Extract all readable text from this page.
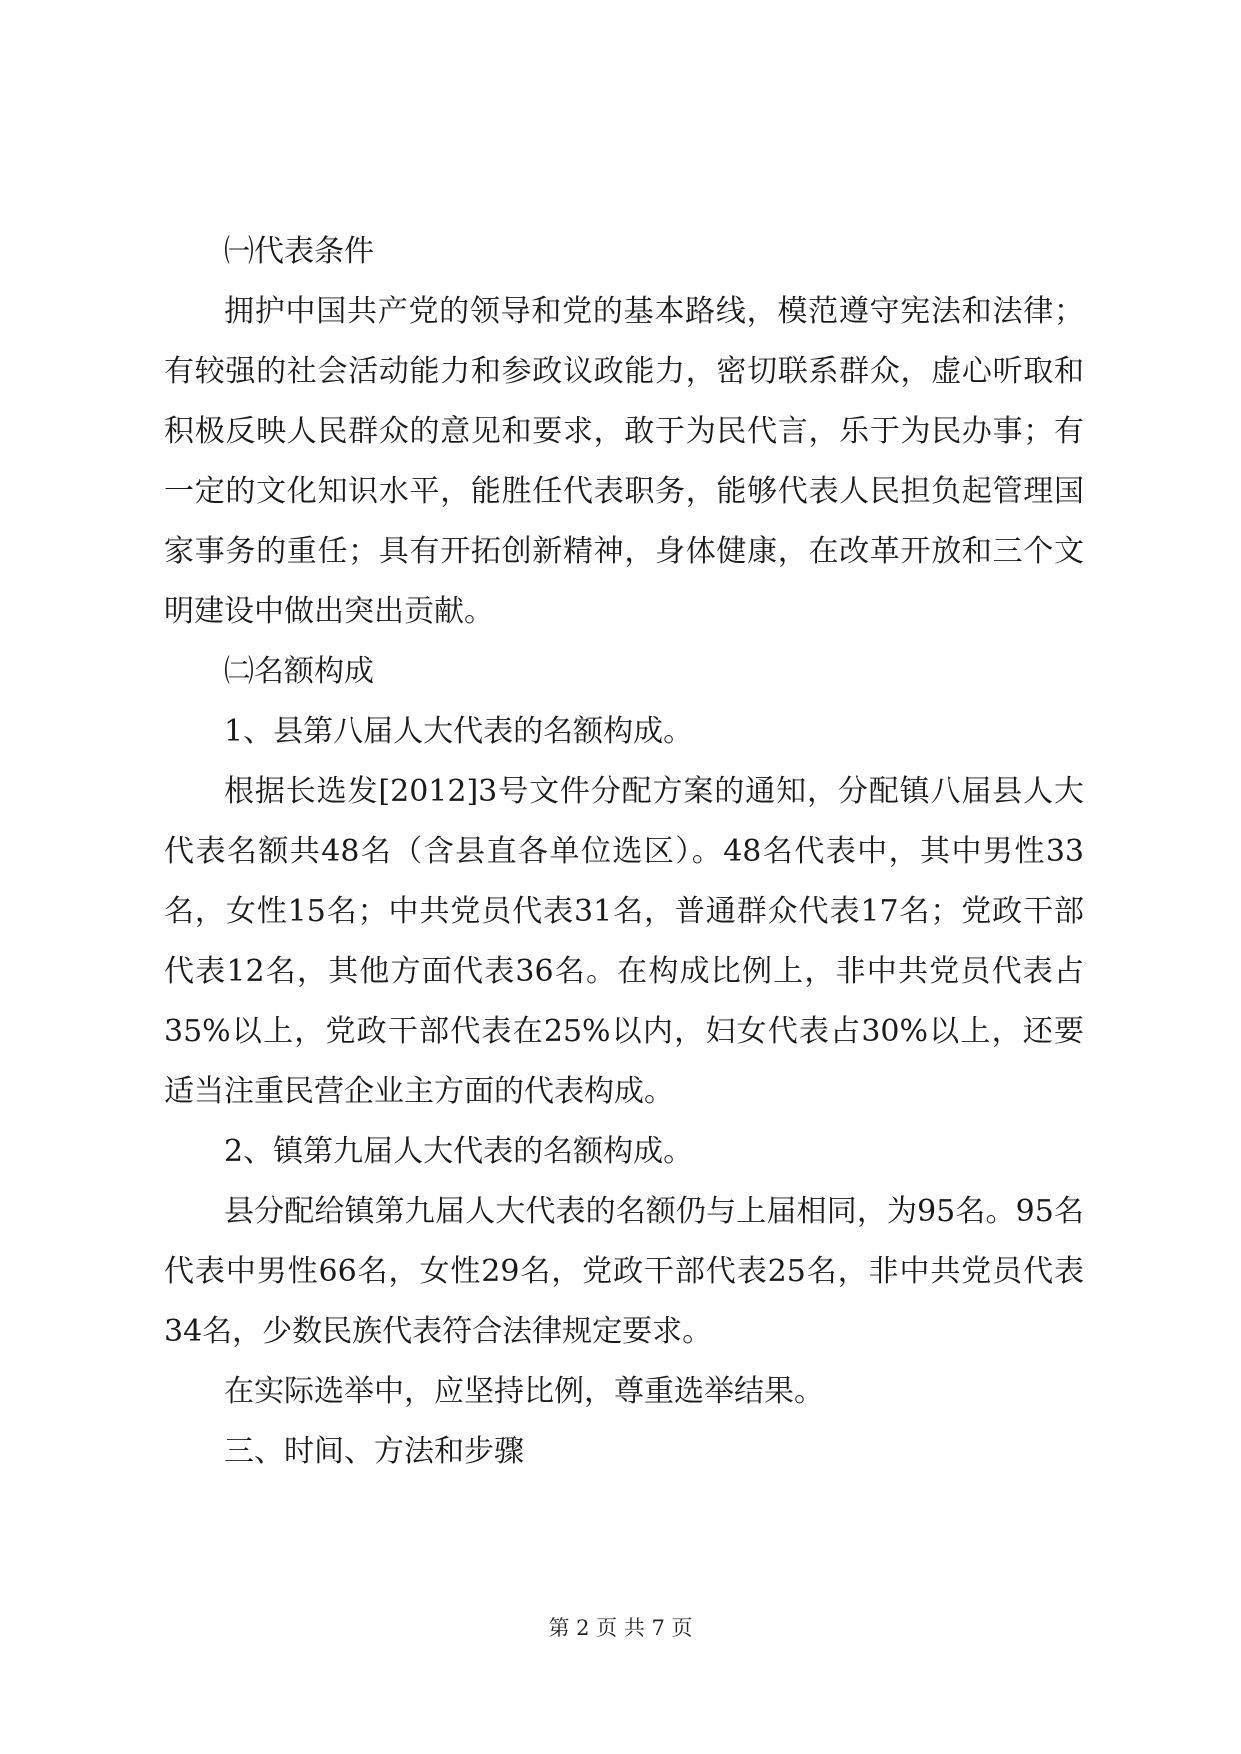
㈠代表条件

拥护中国共产党的领导和党的基本路线，模范遵守宪法和法律；有较强的社会活动能力和参政议政能力，密切联系群众，虚心听取和积极反映人民群众的意见和要求，敢于为民代言，乐于为民办事；有一定的文化知识水平，能胜任代表职务，能够代表人民担负起管理国家事务的重任；具有开拓创新精神，身体健康，在改革开放和三个文明建设中做出突出贡献。

㈡名额构成

1、县第八届人大代表的名额构成。

根据长选发[2012]3号文件分配方案的通知，分配镇八届县人大代表名额共48名（含县直各单位选区）。48名代表中，其中男性33名，女性15名；中共党员代表31名，普通群众代表17名；党政干部代表12名，其他方面代表36名。在构成比例上，非中共党员代表占35%以上，党政干部代表在25%以内，妇女代表占30%以上，还要适当注重民营企业主方面的代表构成。

2、镇第九届人大代表的名额构成。

县分配给镇第九届人大代表的名额仍与上届相同，为95名。95名代表中男性66名，女性29名，党政干部代表25名，非中共党员代表34名，少数民族代表符合法律规定要求。

在实际选举中，应坚持比例，尊重选举结果。

三、时间、方法和步骤

第 2 页 共 7 页
